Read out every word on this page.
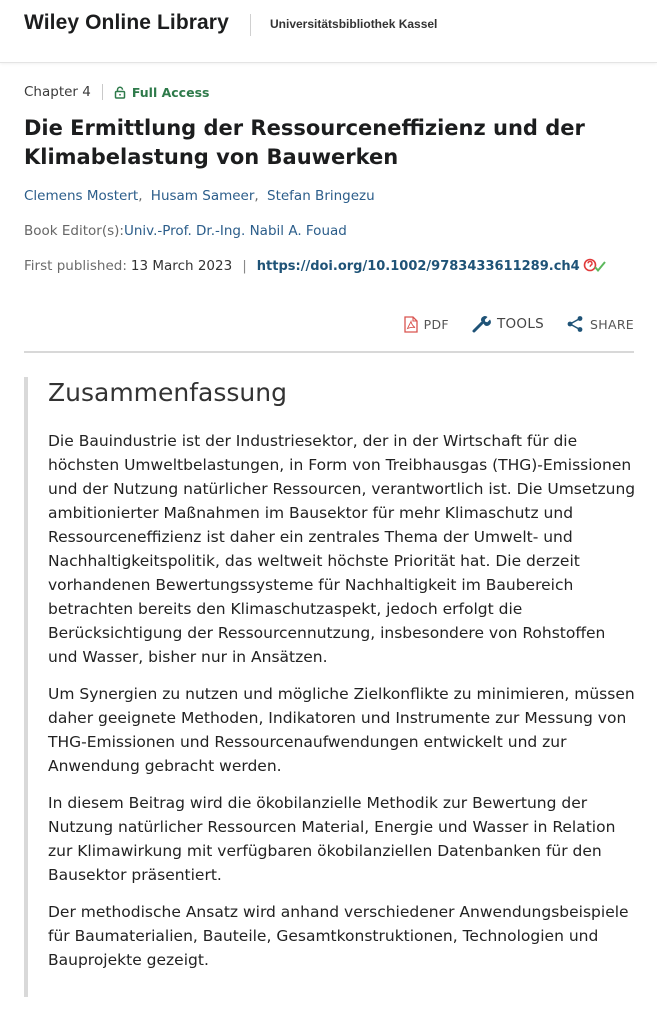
Wiley Online Library	Universitätsbibliothek Kassel
Chapter 4	Full Access
Die Ermittlung der Ressourceneffizienz und der Klimabelastung von Bauwerken
Clemens Mostert, Husam Sameer, Stefan Bringezu
Book Editor(s):Univ.-Prof. Dr.-Ing. Nabil A. Fouad
First published: 13 March 2023 | https://doi.org/10.1002/9783433611289.ch4
PDF	TOOLS	SHARE
Zusammenfassung

Die Bauindustrie ist der Industriesektor, der in der Wirtschaft für die höchsten Umweltbelastungen, in Form von Treibhausgas (THG)-Emissionen und der Nutzung natürlicher Ressourcen, verantwortlich ist. Die Umsetzung ambitionierter Maßnahmen im Bausektor für mehr Klimaschutz und Ressourceneffizienz ist daher ein zentrales Thema der Umwelt- und Nachhaltigkeitspolitik, das weltweit höchste Priorität hat. Die derzeit vorhandenen Bewertungssysteme für Nachhaltigkeit im Baubereich betrachten bereits den Klimaschutzaspekt, jedoch erfolgt die Berücksichtigung der Ressourcennutzung, insbesondere von Rohstoffen und Wasser, bisher nur in Ansätzen.

Um Synergien zu nutzen und mögliche Zielkonflikte zu minimieren, müssen daher geeignete Methoden, Indikatoren und Instrumente zur Messung von THG-Emissionen und Ressourcenaufwendungen entwickelt und zur Anwendung gebracht werden.

In diesem Beitrag wird die ökobilanzielle Methodik zur Bewertung der Nutzung natürlicher Ressourcen Material, Energie und Wasser in Relation zur Klimawirkung mit verfügbaren ökobilanziellen Datenbanken für den Bausektor präsentiert.

Der methodische Ansatz wird anhand verschiedener Anwendungsbeispiele für Baumaterialien, Bauteile, Gesamtkonstruktionen, Technologien und Bauprojekte gezeigt.
